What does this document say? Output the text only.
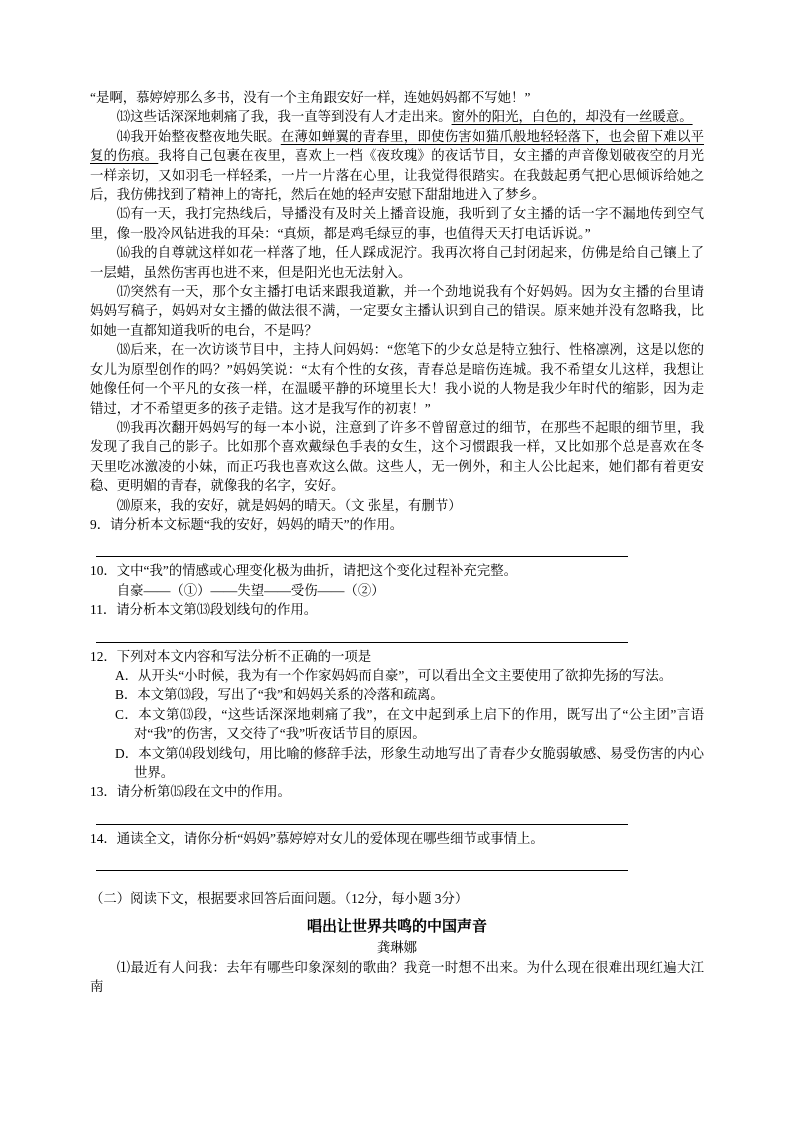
“是啊，慕婷婷那么多书，没有一个主角跟安好一样，连她妈妈都不写她！”

⒀这些话深深地刺痛了我，我一直等到没有人才走出来。窗外的阳光，白色的，却没有一丝暖意。

⒁我开始整夜整夜地失眠。在薄如蝉翼的青春里，即使伤害如猫爪般地轻轻落下，也会留下难以平复的伤痕。我将自己包裹在夜里，喜欢上一档《夜玫瑰》的夜话节目，女主播的声音像划破夜空的月光一样亲切，又如羽毛一样轻柔，一片一片落在心里，让我觉得很踏实。在我鼓起勇气把心思倾诉给她之后，我仿佛找到了精神上的寄托，然后在她的轻声安慰下甜甜地进入了梦乡。

⒂有一天，我打完热线后，导播没有及时关上播音设施，我听到了女主播的话一字不漏地传到空气里，像一股冷风钻进我的耳朵：“真烦，都是鸡毛绿豆的事，也值得天天打电话诉说。”

⒃我的自尊就这样如花一样落了地，任人踩成泥泞。我再次将自己封闭起来，仿佛是给自己镶上了一层蜡，虽然伤害再也进不来，但是阳光也无法射入。

⒄突然有一天，那个女主播打电话来跟我道歉，并一个劲地说我有个好妈妈。因为女主播的台里请妈妈写稿子，妈妈对女主播的做法很不满，一定要女主播认识到自己的错误。原来她并没有忽略我，比如她一直都知道我听的电台，不是吗？

⒅后来，在一次访谈节目中，主持人问妈妈：“您笔下的少女总是特立独行、性格凛冽，这是以您的女儿为原型创作的吗？”妈妈笑说：“太有个性的女孩，青春总是暗伤连城。我不希望女儿这样，我想让她像任何一个平凡的女孩一样，在温暖平静的环境里长大！我小说的人物是我少年时代的缩影，因为走错过，才不希望更多的孩子走错。这才是我写作的初衷！”

⒆我再次翻开妈妈写的每一本小说，注意到了许多不曾留意过的细节，在那些不起眼的细节里，我发现了我自己的影子。比如那个喜欢戴绿色手表的女生，这个习惯跟我一样，又比如那个总是喜欢在冬天里吃冰激凌的小妹，而正巧我也喜欢这么做。这些人，无一例外，和主人公比起来，她们都有着更安稳、更明媚的青春，就像我的名字，安好。

⒇原来，我的安好，就是妈妈的晴天。（文 张星，有删节）

9．请分析本文标题“我的安好，妈妈的晴天”的作用。

10．文中“我”的情感或心理变化极为曲折，请把这个变化过程补充完整。

自豪——（①）——失望——受伤——（②）

11．请分析本文第⒀段划线句的作用。

12．下列对本文内容和写法分析不正确的一项是

A．从开头“小时候，我为有一个作家妈妈而自豪”，可以看出全文主要使用了欲抑先扬的写法。

B．本文第⒀段，写出了“我”和妈妈关系的冷落和疏离。

C．本文第⒀段，“这些话深深地刺痛了我”，在文中起到承上启下的作用，既写出了“公主团”言语对“我”的伤害，又交待了“我”听夜话节目的原因。

D．本文第⒁段划线句，用比喻的修辞手法，形象生动地写出了青春少女脆弱敏感、易受伤害的内心世界。

13．请分析第⒂段在文中的作用。

14．通读全文，请你分析“妈妈”慕婷婷对女儿的爱体现在哪些细节或事情上。

（二）阅读下文，根据要求回答后面问题。（12分，每小题 3分）

唱出让世界共鸣的中国声音

龚琳娜

⑴最近有人问我：去年有哪些印象深刻的歌曲？我竟一时想不出来。为什么现在很难出现红遍大江南
